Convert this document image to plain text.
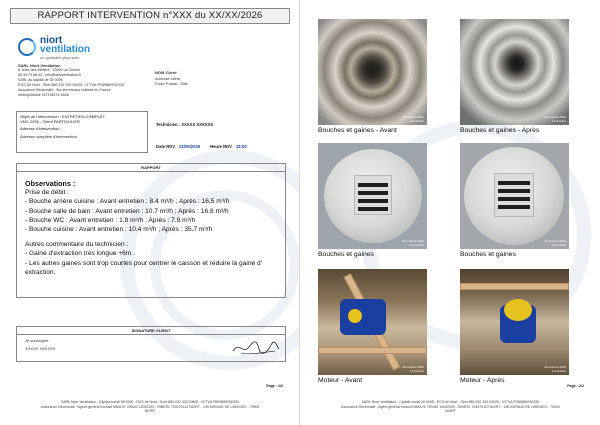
RAPPORT INTERVENTION n°XXX du XX/XX/2026
niort
ventilation
un quotidien plus sain
SARL Niort Ventilation
8, Allée des Métiers - 79260 La Crèche
05 49 79 88 44 - info@niortventilation.fr
SARL au capital de 30 000€
RCS De Niort - Siret 880 932 330 00025 - N°TVA FR89880932330
Assurance Décennale : Sur les travaux réalisés en France
métropolitaine 147198174 MMA
NOM Client
Adresse client
Code Postal - Ville
Objet de l'intervention : ENTRETIEN COMPLET
VMC 2026 - Client PARTICULIER
Adresse d'intervention :
Adresse complète d'intervention
Technicien : XXXXX XXXXXX
Date RDV 21/05/2026 Heure RDV 14:00
RAPPORT
Observations :
Prise de débit :
- Bouche arrière cuisine : Avant entretien : 8.4 m³/h ; Après : 16.5 m³/h
- Bouche salle de bain : Avant entretien : 10.7 m³/h ; Après : 16.8 m³/h
- Bouche WC : Avant entretien : 1.8 m³/h ; Après : 7.9 m³/h
- Bouche cuisine : Avant entretien : 10.4 m³/h ; Après : 35.7 m³/h
Autres commentaire du technicien :
- Gaine d'extraction très longue +6m .
- Les autres gaines sont trop courtes pour centrer le caisson et réduire la gaine d'
extraction.
SIGNATURE CLIENT
Je soussigné :
XXXXX XXXXXX
Page : 1/2
SARL Niort Ventilation - Capital social 30 000€ - RCS de Niort - Siret 880 932 330 00025 - N°TVA FR89880932330
Assurance Décennale : Agent général exclusif MMA N° ORIAS 16002029 - RIBERL 703076113 NIORT - 105 AVENUE DE LIMOGES - 79000
NIORT
26 octobre 2024
La Crèche
Bouches et gaines - Avant
26 octobre 2024
La Crèche
Bouches et gaines - Après
26 octobre 2024
La Crèche
Bouches et gaines
26 octobre 2024
La Crèche
Bouches et gaines
26 octobre 2024
La Crèche
Moteur - Avant
26 octobre 2024
La Crèche
Moteur - Après
Page : 2/2
SARL Niort Ventilation - Capital social 30 000€ - RCS de Niort - Siret 880 932 330 00025 - N°TVA FR89880932330
Assurance Décennale : Agent général exclusif MMA N° ORIAS 16002029 - RIBERL 703076113 NIORT - 105 AVENUE DE LIMOGES - 79000
NIORT
